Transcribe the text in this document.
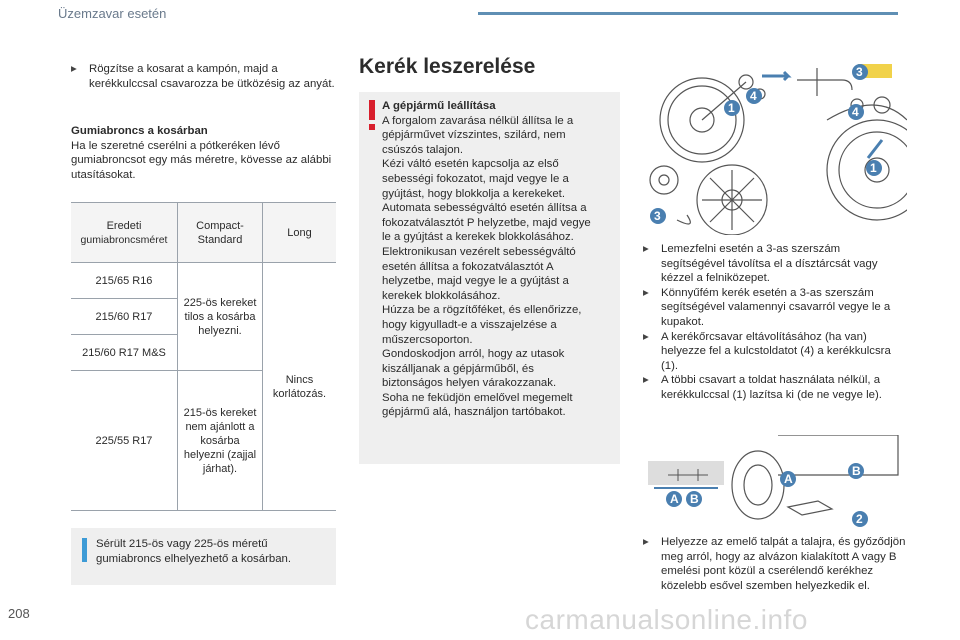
Üzemzavar esetén
▸	Rögzítse a kosarat a kampón, majd a kerékkulccsal csavarozza be ütközésig az anyát.
Gumiabroncs a kosárban
Ha le szeretné cserélni a pótkeréken lévő gumiabroncsot egy más méretre, kövesse az alábbi utasításokat.
Eredeti
gumiabroncsméret	Compact-Standard	Long
215/65 R16	225-ös kereket tilos a kosárba helyezni.	Nincs korlátozás.
215/60 R17		
215/60 R17 M&S		
225/55 R17	215-ös kereket nem ajánlott a kosárba helyezni (zajjal járhat).	
Sérült 215-ös vagy 225-ös méretű gumiabroncs elhelyezhető a kosárban.
Kerék leszerelése
A gépjármű leállítása
A forgalom zavarása nélkül állítsa le a
gépjárművet vízszintes, szilárd, nem
csúszós talajon.
Kézi váltó esetén kapcsolja az első
sebességi fokozatot, majd vegye le a
gyújtást, hogy blokkolja a kerekeket.
Automata sebességváltó esetén állítsa a
fokozatválasztót P helyzetbe, majd vegye
le a gyújtást a kerekek blokkolásához.
Elektronikusan vezérelt sebességváltó
esetén állítsa a fokozatválasztót A
helyzetbe, majd vegye le a gyújtást a
kerekek blokkolásához.
Húzza be a rögzítőféket, és ellenőrizze,
hogy kigyulladt-e a visszajelzése a
műszercsoporton.
Gondoskodjon arról, hogy az utasok
kiszálljanak a gépjárműből, és
biztonságos helyen várakozzanak.
Soha ne feküdjön emelővel megemelt
gépjármű alá, használjon tartóbakot.
1
4
3
3
4
1
▸	Lemezfelni esetén a 3-as szerszám segítségével távolítsa el a dísztárcsát vagy kézzel a felniközepet.
▸	Könnyűfém kerék esetén a 3-as szerszám segítségével valamennyi csavarról vegye le a kupakot.
▸	A kerékőrcsavar eltávolításához (ha van) helyezze fel a kulcstoldatot (4) a kerékkulcsra (1).
▸	A többi csavart a toldat használata nélkül, a kerékkulccsal (1) lazítsa ki (de ne vegye le).
A B
A
B
2
▸	Helyezze az emelő talpát a talajra, és győződjön meg arról, hogy az alvázon kialakított A vagy B emelési pont közül a cserélendő kerékhez közelebb esővel szemben helyezkedik el.
208	carmanualsonline.info
